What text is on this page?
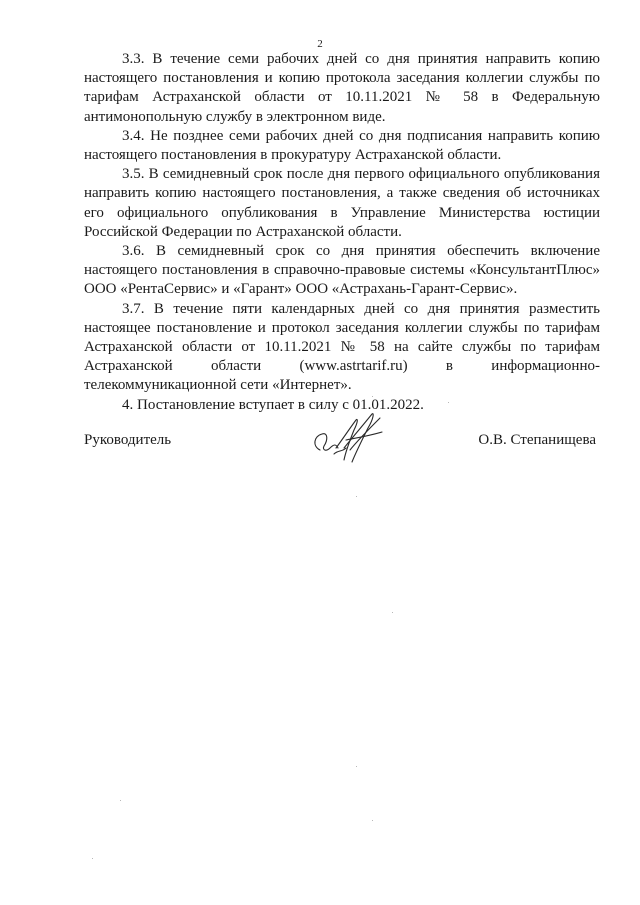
2

3.3. В течение семи рабочих дней со дня принятия направить копию настоящего постановления и копию протокола заседания коллегии службы по тарифам Астраханской области от 10.11.2021 № 58 в Федеральную антимонопольную службу в электронном виде.

3.4. Не позднее семи рабочих дней со дня подписания направить копию настоящего постановления в прокуратуру Астраханской области.

3.5. В семидневный срок после дня первого официального опубликования направить копию настоящего постановления, а также сведения об источниках его официального опубликования в Управление Министерства юстиции Российской Федерации по Астраханской области.

3.6. В семидневный срок со дня принятия обеспечить включение настоящего постановления в справочно-правовые системы «КонсультантПлюс» ООО «РентаСервис» и «Гарант» ООО «Астрахань-Гарант-Сервис».

3.7. В течение пяти календарных дней со дня принятия разместить настоящее постановление и протокол заседания коллегии службы по тарифам Астраханской области от 10.11.2021 № 58 на сайте службы по тарифам Астраханской области (www.astrtarif.ru) в информационно-телекоммуникационной сети «Интернет».

4. Постановление вступает в силу с 01.01.2022.

Руководитель	О.В. Степанищева
